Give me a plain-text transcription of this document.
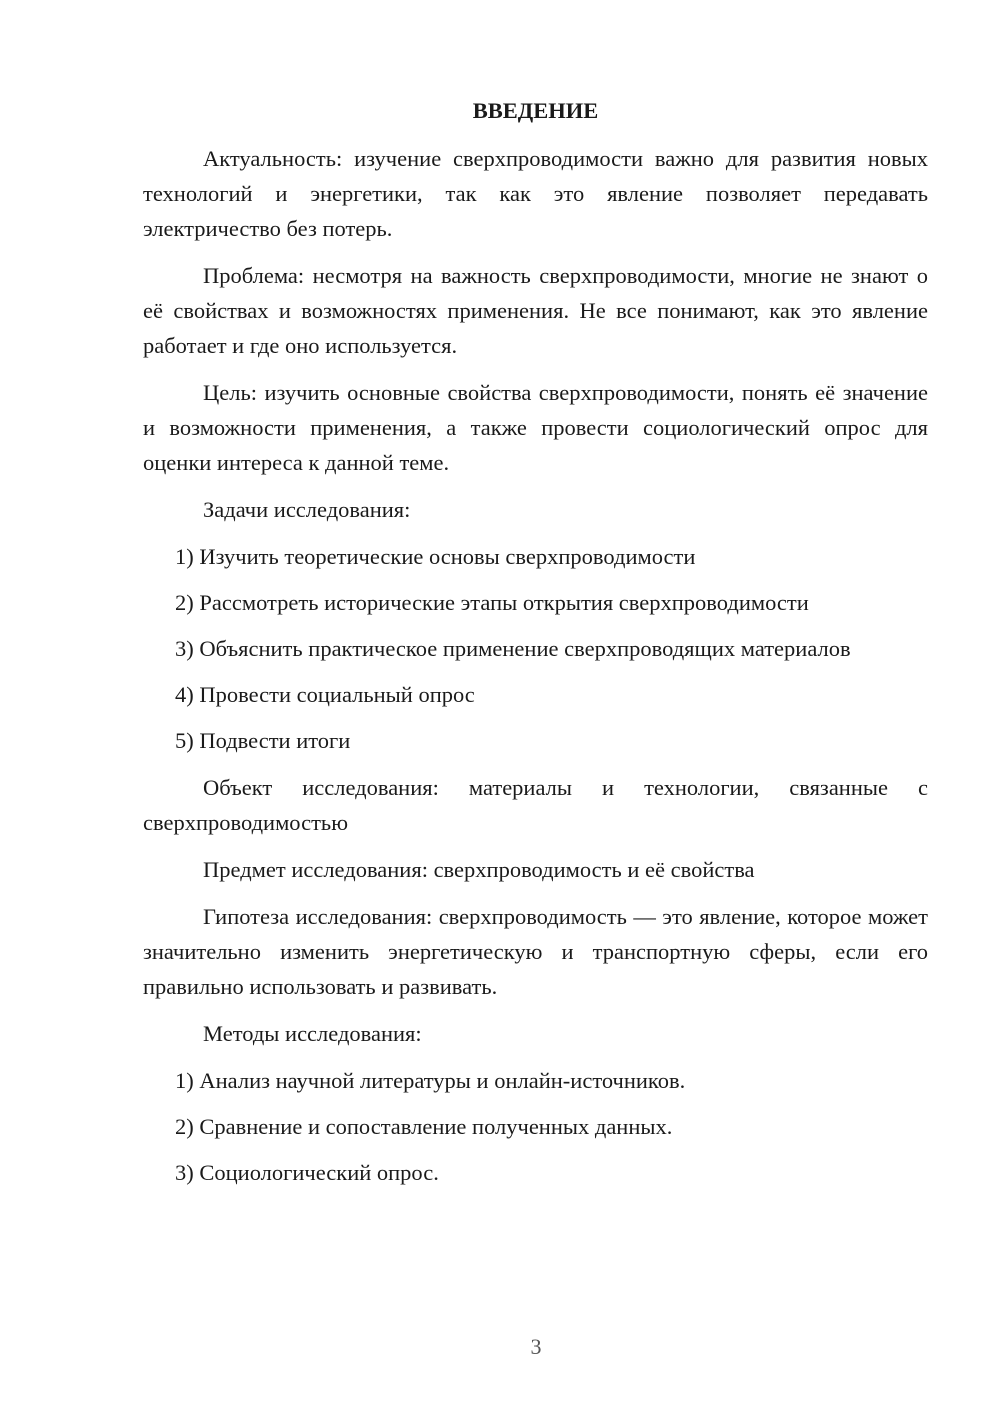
ВВЕДЕНИЕ

Актуальность: изучение сверхпроводимости важно для развития новых технологий и энергетики, так как это явление позволяет передавать электричество без потерь.

Проблема: несмотря на важность сверхпроводимости, многие не знают о её свойствах и возможностях применения. Не все понимают, как это явление работает и где оно используется.

Цель: изучить основные свойства сверхпроводимости, понять её значение и возможности применения, а также провести социологический опрос для оценки интереса к данной теме.

Задачи исследования:

1) Изучить теоретические основы сверхпроводимости
2) Рассмотреть исторические этапы открытия сверхпроводимости
3) Объяснить практическое применение сверхпроводящих материалов
4) Провести социальный опрос
5) Подвести итоги

Объект исследования: материалы и технологии, связанные с сверхпроводимостью

Предмет исследования: сверхпроводимость и её свойства

Гипотеза исследования: сверхпроводимость — это явление, которое может значительно изменить энергетическую и транспортную сферы, если его правильно использовать и развивать.

Методы исследования:

1) Анализ научной литературы и онлайн-источников.
2) Сравнение и сопоставление полученных данных.
3) Социологический опрос.
3
